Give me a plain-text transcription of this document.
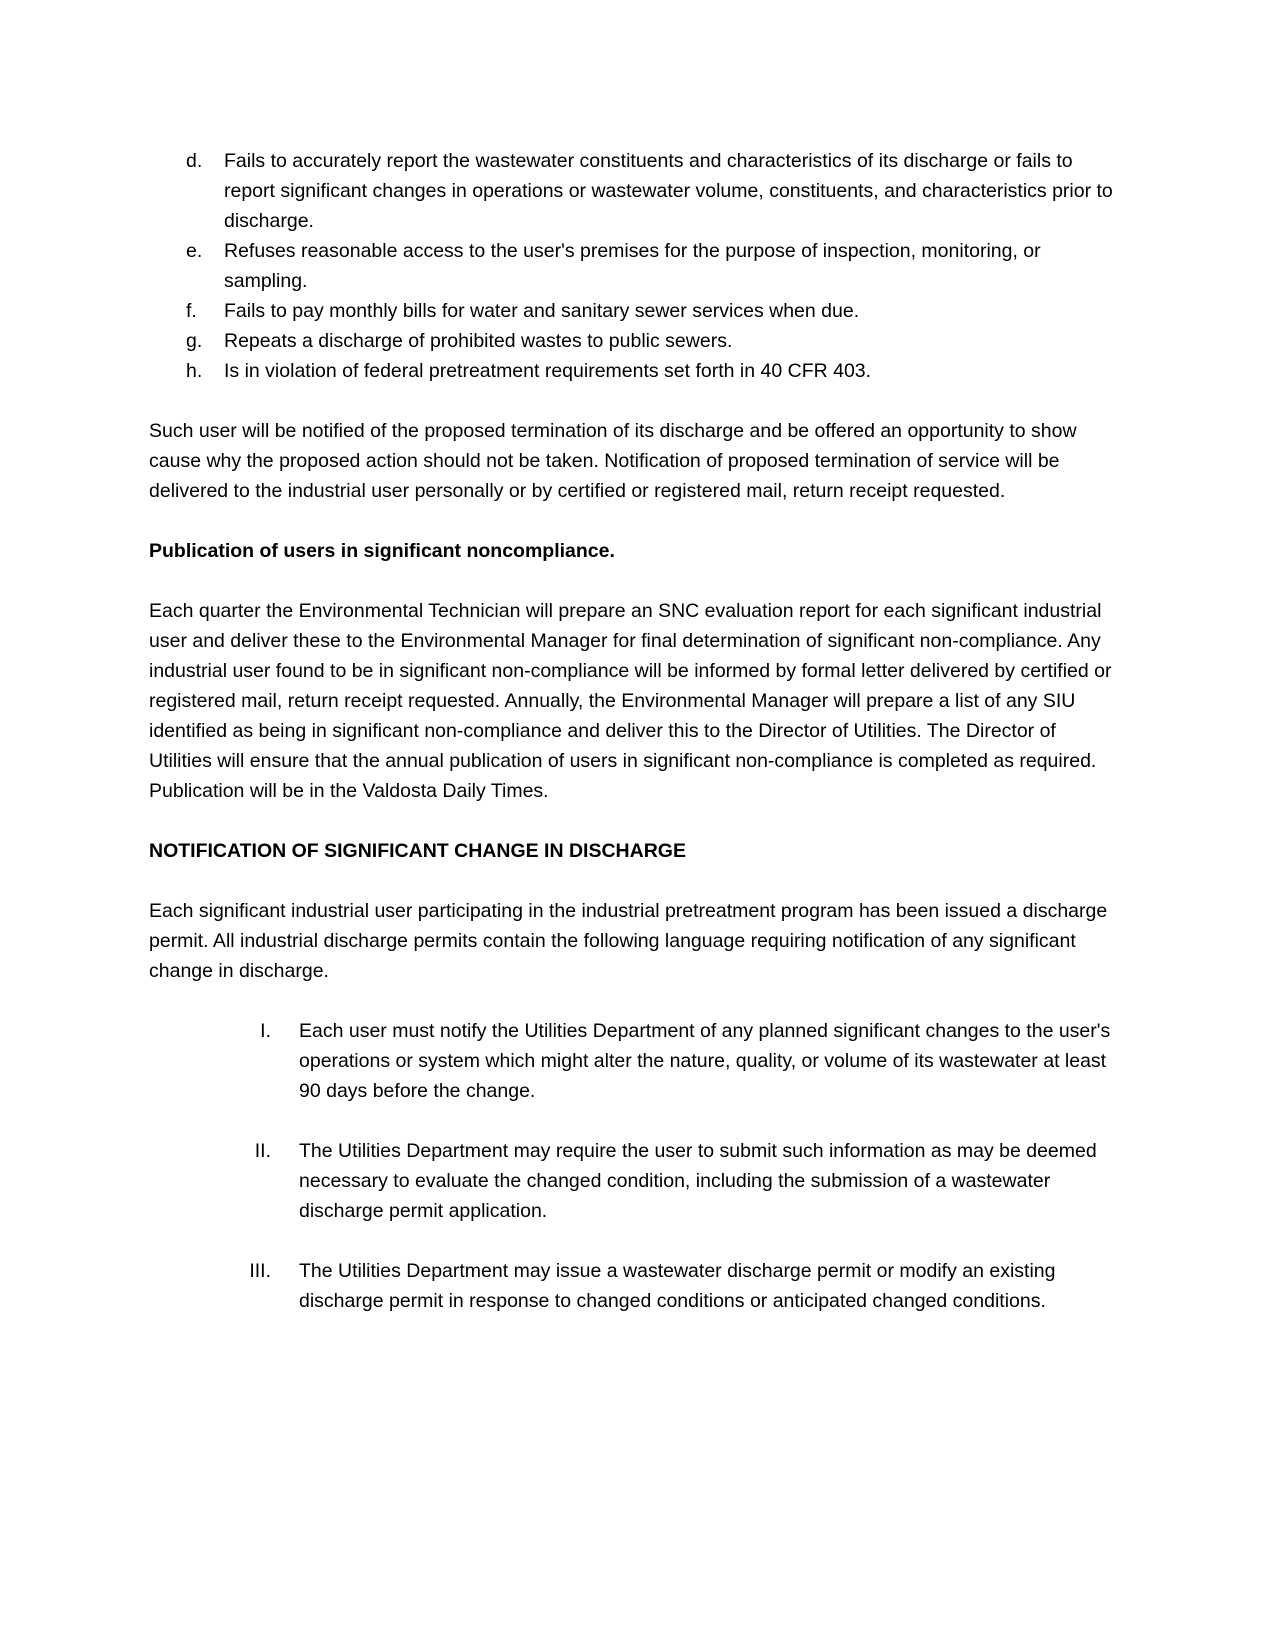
d. Fails to accurately report the wastewater constituents and characteristics of its discharge or fails to report significant changes in operations or wastewater volume, constituents, and characteristics prior to discharge.
e. Refuses reasonable access to the user's premises for the purpose of inspection, monitoring, or sampling.
f. Fails to pay monthly bills for water and sanitary sewer services when due.
g. Repeats a discharge of prohibited wastes to public sewers.
h. Is in violation of federal pretreatment requirements set forth in 40 CFR 403.

Such user will be notified of the proposed termination of its discharge and be offered an opportunity to show cause why the proposed action should not be taken. Notification of proposed termination of service will be delivered to the industrial user personally or by certified or registered mail, return receipt requested.

Publication of users in significant noncompliance.

Each quarter the Environmental Technician will prepare an SNC evaluation report for each significant industrial user and deliver these to the Environmental Manager for final determination of significant non-compliance. Any industrial user found to be in significant non-compliance will be informed by formal letter delivered by certified or registered mail, return receipt requested. Annually, the Environmental Manager will prepare a list of any SIU identified as being in significant non-compliance and deliver this to the Director of Utilities. The Director of Utilities will ensure that the annual publication of users in significant non-compliance is completed as required. Publication will be in the Valdosta Daily Times.

NOTIFICATION OF SIGNIFICANT CHANGE IN DISCHARGE

Each significant industrial user participating in the industrial pretreatment program has been issued a discharge permit. All industrial discharge permits contain the following language requiring notification of any significant change in discharge.

I. Each user must notify the Utilities Department of any planned significant changes to the user's operations or system which might alter the nature, quality, or volume of its wastewater at least 90 days before the change.
II. The Utilities Department may require the user to submit such information as may be deemed necessary to evaluate the changed condition, including the submission of a wastewater discharge permit application.
III. The Utilities Department may issue a wastewater discharge permit or modify an existing discharge permit in response to changed conditions or anticipated changed conditions.
